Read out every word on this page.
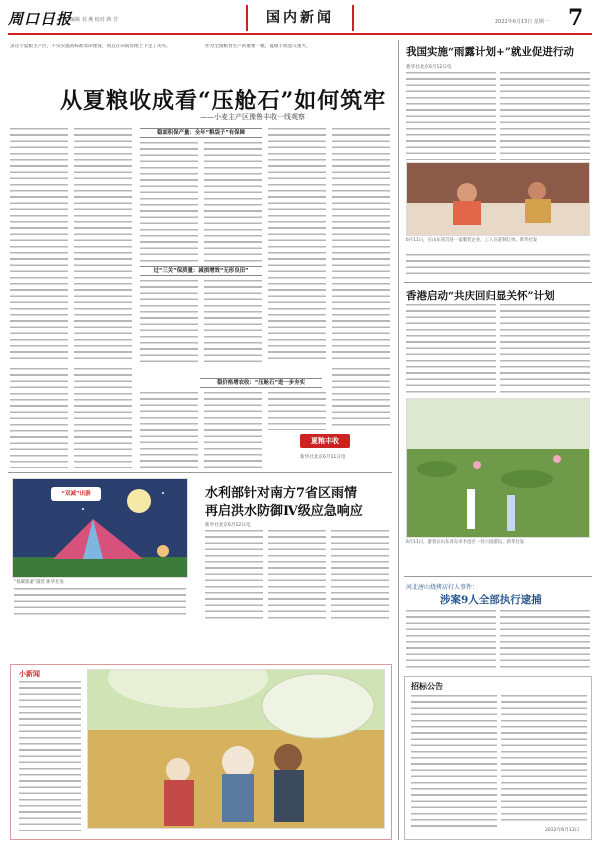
周口日报
编辑 刘 燕 校对 蒋 芳	国内新闻	2022年6月13日 星期一 7
灵这个夏粮主产区，不仅实施高标准农田建设，而且在田间管理上下足了功夫。	作为全国粮食生产的重要一极，夏粮丰收意义重大。
从夏粮收成看“压舱石”如何筑牢
——小麦主产区豫鲁丰收一线观察
稳面积保产量：全年“粮袋子”有保障
过“三关”保质量：减损增效“无形良田”
稳价格增农收：“压舱石”进一步夯实
夏粮丰收
新华社北京6月11日电
“双减”出游
“低碳旅游”露营 新华社发
水利部针对南方7省区雨情
再启洪水防御Ⅳ级应急响应
新华社北京6月12日电
小新闻
我国实施“雨露计划+”就业促进行动
新华社北京6月12日电
6月11日，在山东省莒县一家服装企业，工人在赶制订单。新华社发
香港启动“共庆回归显关怀”计划
6月11日，游客在山东青岛市李沧区一处公园游玩。新华社发
河北唐山烧烤店打人事件：
涉案9人全部执行逮捕
招标公告
2022年6月13日
